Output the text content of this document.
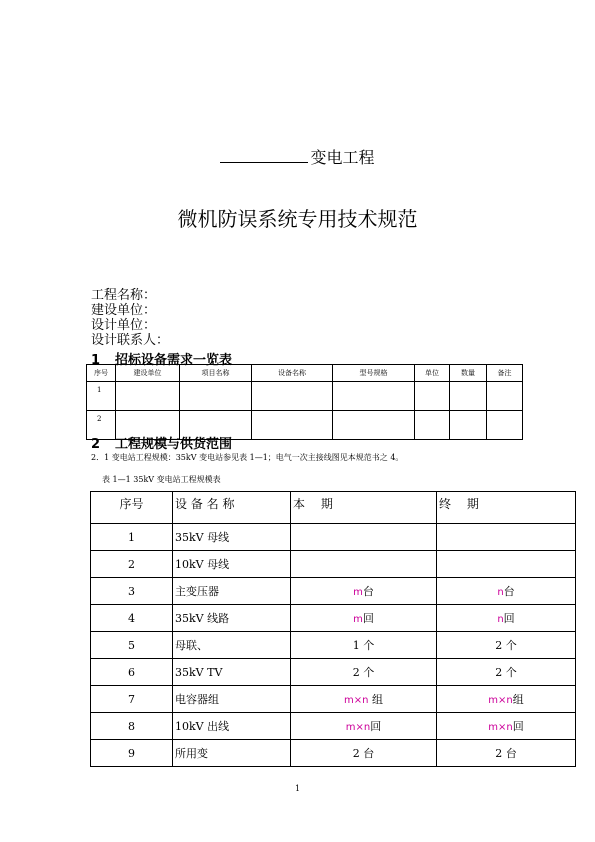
变电工程
微机防误系统专用技术规范
工程名称：
建设单位：
设计单位：
设计联系人：
1 招标设备需求一览表
序号	建设单位	项目名称	设备名称	型号规格	单位	数量	备注
1							
2							
2 工程规模与供货范围
2．1 变电站工程规模：35kV 变电站参见表 1—1；电气一次主接线图见本规范书之 4。
表 1—1 35kV 变电站工程规模表
序号	设 备 名 称	本　 期	终　 期
1	35kV 母线		
2	10kV 母线		
3	主变压器	m台	n台
4	35kV 线路	m回	n回
5	母联、	1 个	2 个
6	35kV TV	2 个	2 个
7	电容器组	m×n 组	m×n组
8	10kV 出线	m×n回	m×n回
9	所用变	2 台	2 台
1
